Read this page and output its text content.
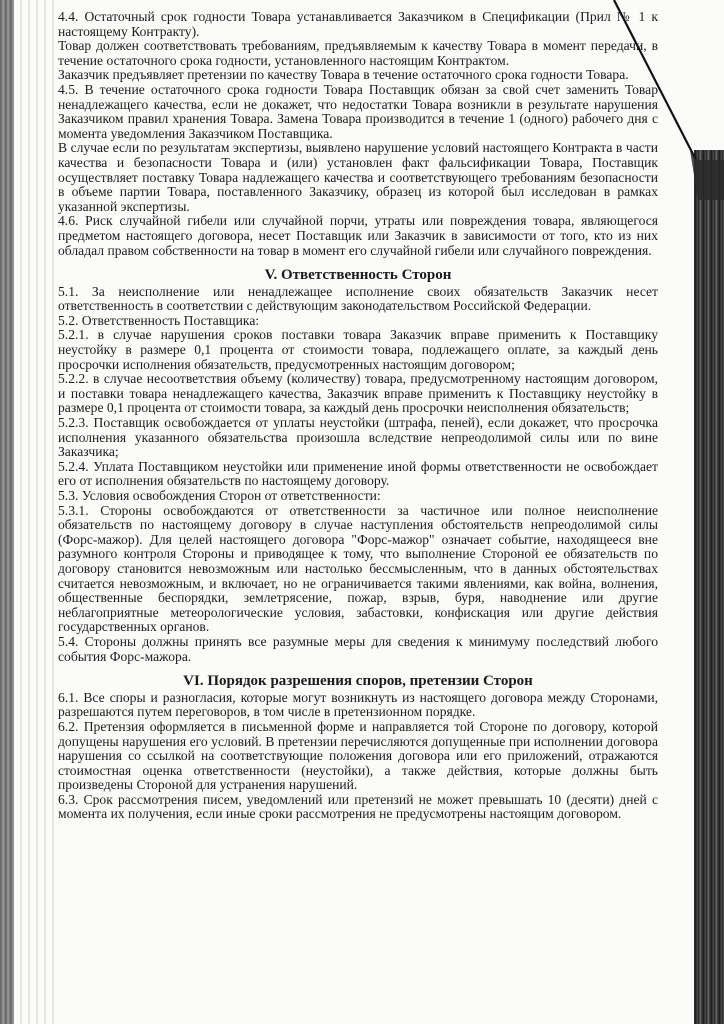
4.4. Остаточный срок годности Товара устанавливается Заказчиком в Спецификации (Прил № 1 к настоящему Контракту).

Товар должен соответствовать требованиям, предъявляемым к качеству Товара в момент передачи, в течение остаточного срока годности, установленного настоящим Контрактом.

Заказчик предъявляет претензии по качеству Товара в течение остаточного срока годности Товара.

4.5. В течение остаточного срока годности Товара Поставщик обязан за свой счет заменить Товар ненадлежащего качества, если не докажет, что недостатки Товара возникли в результате нарушения Заказчиком правил хранения Товара. Замена Товара производится в течение 1 (одного) рабочего дня с момента уведомления Заказчиком Поставщика.

В случае если по результатам экспертизы, выявлено нарушение условий настоящего Контракта в части качества и безопасности Товара и (или) установлен факт фальсификации Товара, Поставщик осуществляет поставку Товара надлежащего качества и соответствующего требованиям безопасности в объеме партии Товара, поставленного Заказчику, образец из которой был исследован в рамках указанной экспертизы.

4.6. Риск случайной гибели или случайной порчи, утраты или повреждения товара, являющегося предметом настоящего договора, несет Поставщик или Заказчик в зависимости от того, кто из них обладал правом собственности на товар в момент его случайной гибели или случайного повреждения.

V. Ответственность Сторон

5.1. За неисполнение или ненадлежащее исполнение своих обязательств Заказчик несет ответственность в соответствии с действующим законодательством Российской Федерации.

5.2. Ответственность Поставщика:

5.2.1. в случае нарушения сроков поставки товара Заказчик вправе применить к Поставщику неустойку в размере 0,1 процента от стоимости товара, подлежащего оплате, за каждый день просрочки исполнения обязательств, предусмотренных настоящим договором;

5.2.2. в случае несоответствия объему (количеству) товара, предусмотренному настоящим договором, и поставки товара ненадлежащего качества, Заказчик вправе применить к Поставщику неустойку в размере 0,1 процента от стоимости товара, за каждый день просрочки неисполнения обязательств;

5.2.3. Поставщик освобождается от уплаты неустойки (штрафа, пеней), если докажет, что просрочка исполнения указанного обязательства произошла вследствие непреодолимой силы или по вине Заказчика;

5.2.4. Уплата Поставщиком неустойки или применение иной формы ответственности не освобождает его от исполнения обязательств по настоящему договору.

5.3. Условия освобождения Сторон от ответственности:

5.3.1. Стороны освобождаются от ответственности за частичное или полное неисполнение обязательств по настоящему договору в случае наступления обстоятельств непреодолимой силы (Форс-мажор). Для целей настоящего договора "Форс-мажор" означает событие, находящееся вне разумного контроля Стороны и приводящее к тому, что выполнение Стороной ее обязательств по договору становится невозможным или настолько бессмысленным, что в данных обстоятельствах считается невозможным, и включает, но не ограничивается такими явлениями, как война, волнения, общественные беспорядки, землетрясение, пожар, взрыв, буря, наводнение или другие неблагоприятные метеорологические условия, забастовки, конфискация или другие действия государственных органов.

5.4. Стороны должны принять все разумные меры для сведения к минимуму последствий любого события Форс-мажора.

VI. Порядок разрешения споров, претензии Сторон

6.1. Все споры и разногласия, которые могут возникнуть из настоящего договора между Сторонами, разрешаются путем переговоров, в том числе в претензионном порядке.

6.2. Претензия оформляется в письменной форме и направляется той Стороне по договору, которой допущены нарушения его условий. В претензии перечисляются допущенные при исполнении договора нарушения со ссылкой на соответствующие положения договора или его приложений, отражаются стоимостная оценка ответственности (неустойки), а также действия, которые должны быть произведены Стороной для устранения нарушений.

6.3. Срок рассмотрения писем, уведомлений или претензий не может превышать 10 (десяти) дней с момента их получения, если иные сроки рассмотрения не предусмотрены настоящим договором.
